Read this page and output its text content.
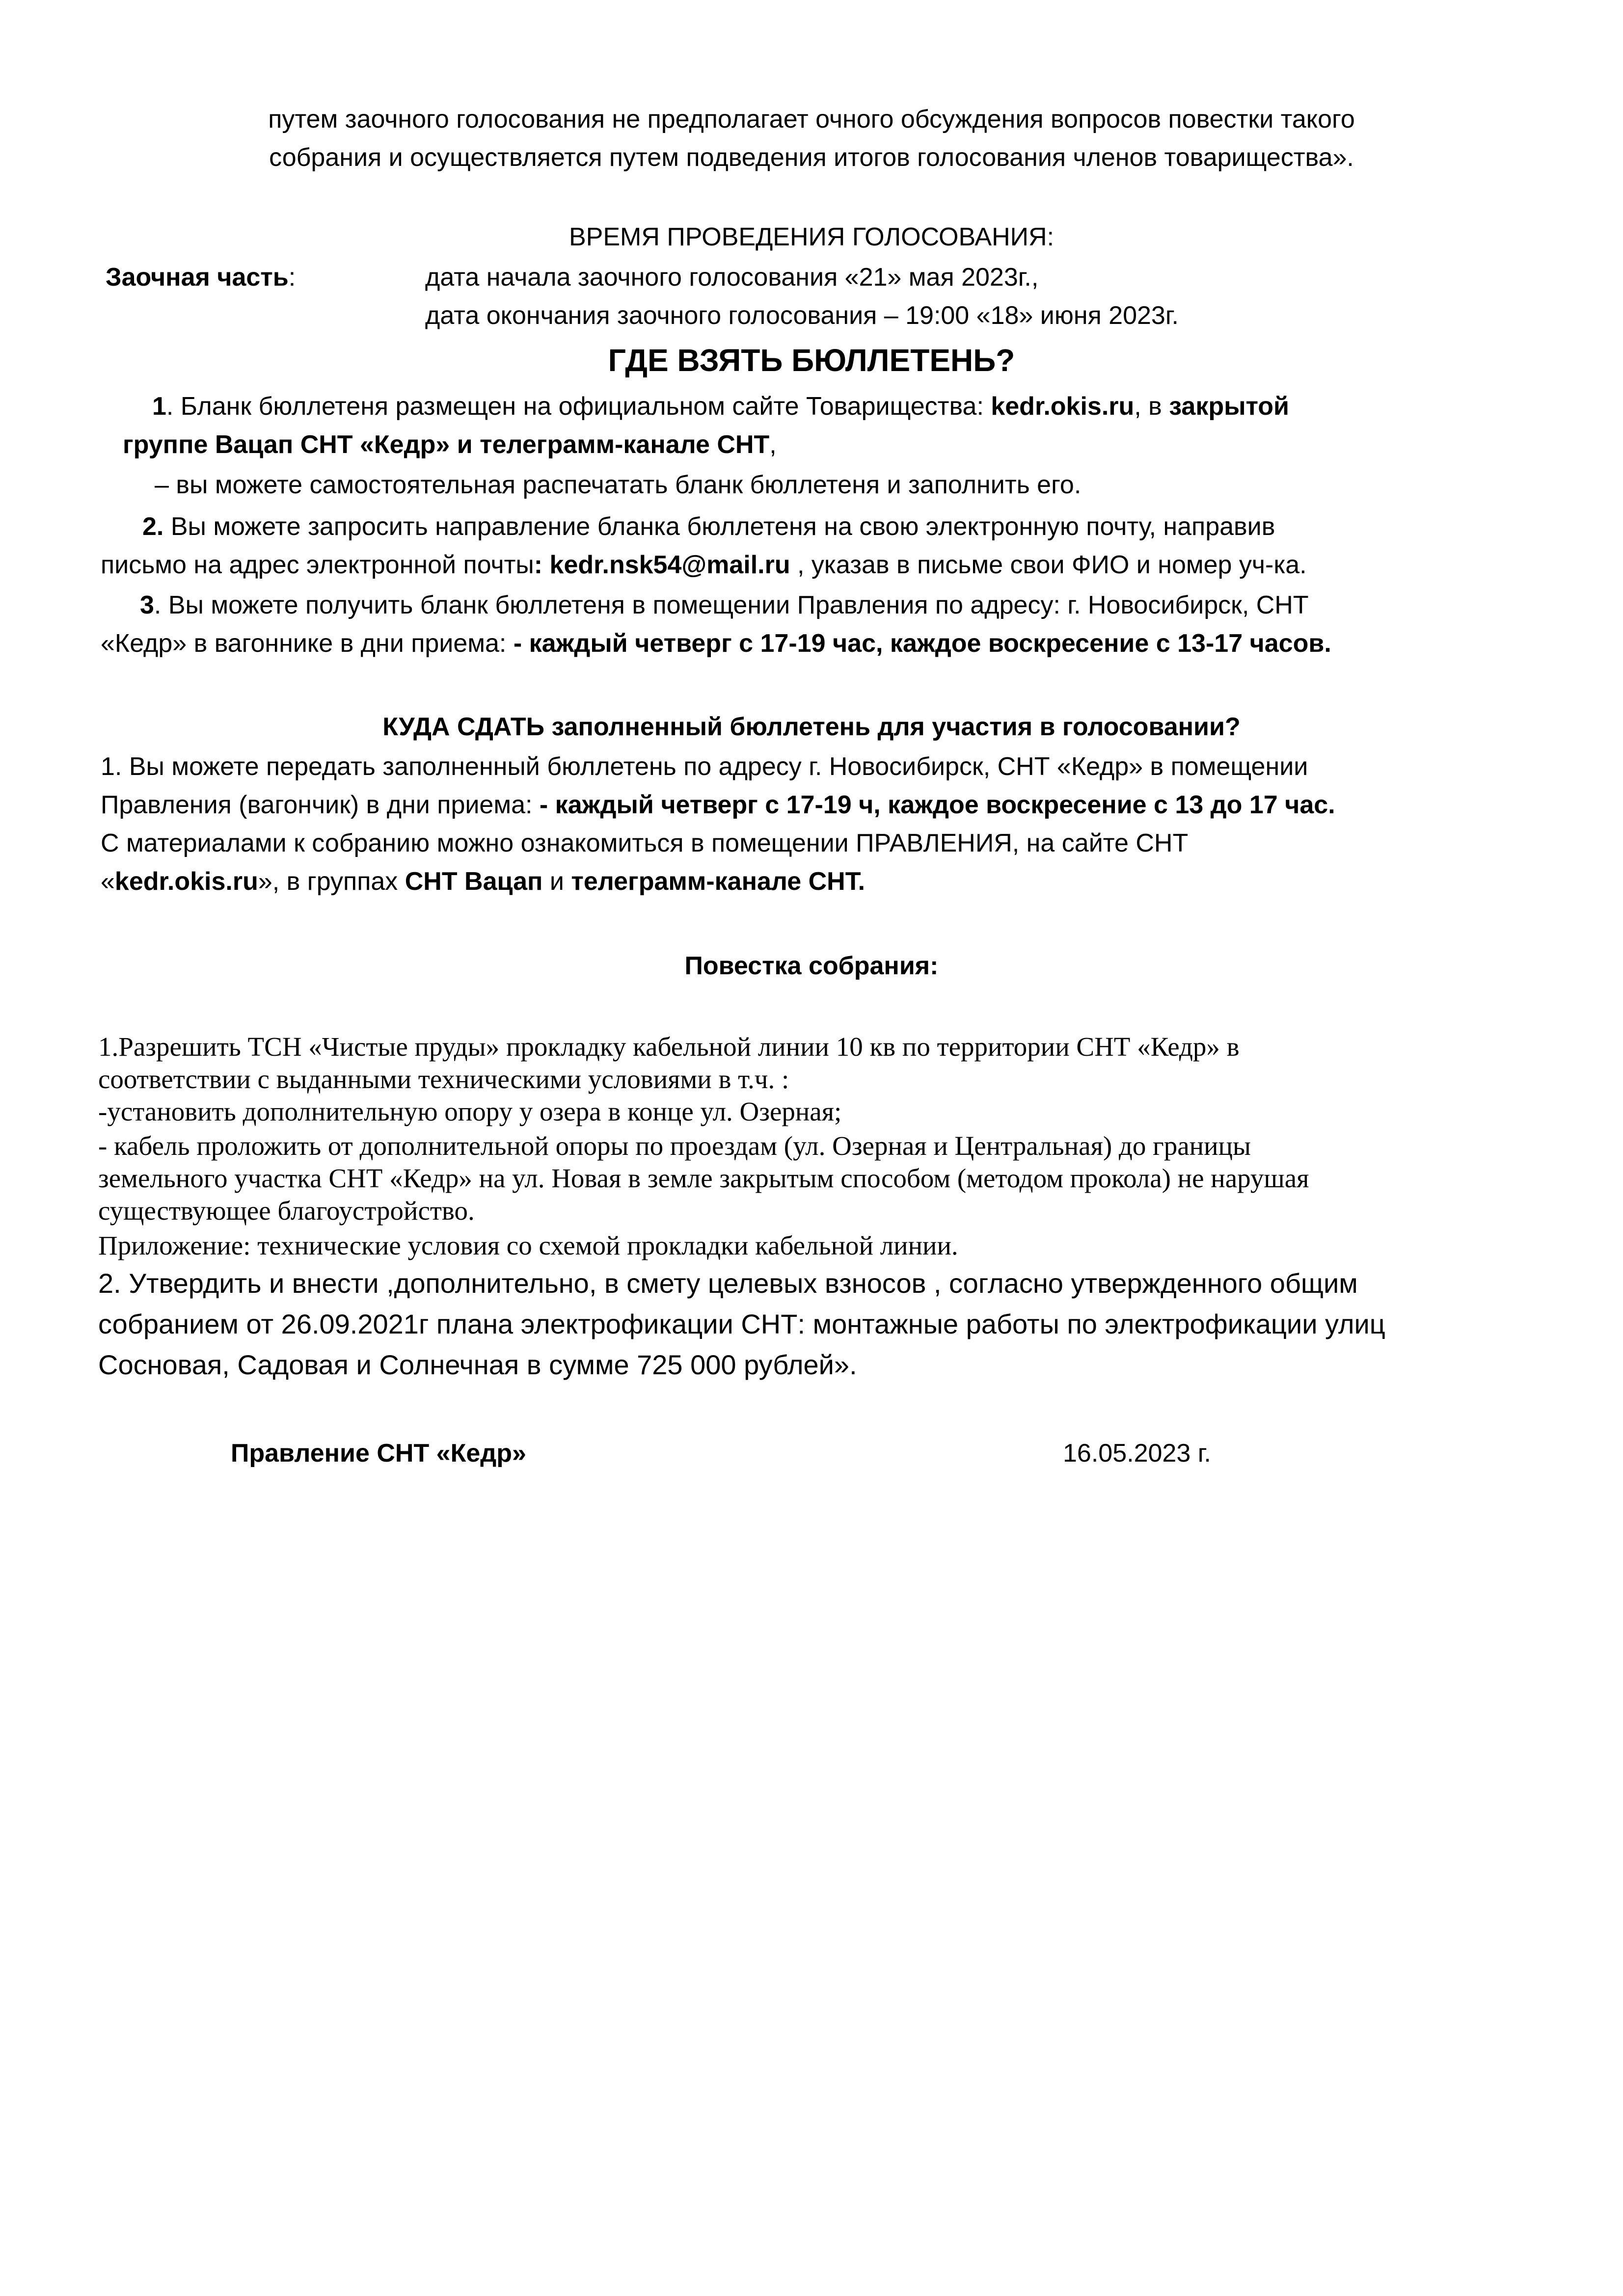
путем заочного голосования не предполагает очного обсуждения вопросов повестки такого
собрания и осуществляется путем подведения итогов голосования членов товарищества».
ВРЕМЯ ПРОВЕДЕНИЯ ГОЛОСОВАНИЯ:
Заочная часть:	дата начала заочного голосования «21» мая 2023г.,
дата окончания заочного голосования – 19:00 «18» июня 2023г.
ГДЕ ВЗЯТЬ БЮЛЛЕТЕНЬ?
1. Бланк бюллетеня размещен на официальном сайте Товарищества: kedr.okis.ru, в закрытой
группе Вацап СНТ «Кедр» и телеграмм-канале СНТ,
– вы можете самостоятельная распечатать бланк бюллетеня и заполнить его.
2. Вы можете запросить направление бланка бюллетеня на свою электронную почту, направив
письмо на адрес электронной почты: kedr.nsk54@mail.ru , указав в письме свои ФИО и номер уч-ка.
3. Вы можете получить бланк бюллетеня в помещении Правления по адресу: г. Новосибирск, СНТ
«Кедр» в вагоннике в дни приема: - каждый четверг с 17-19 час, каждое воскресение с 13-17 часов.
КУДА СДАТЬ заполненный бюллетень для участия в голосовании?
1. Вы можете передать заполненный бюллетень по адресу г. Новосибирск, СНТ «Кедр» в помещении
Правления (вагончик) в дни приема: - каждый четверг с 17-19 ч, каждое воскресение с 13 до 17 час.
С материалами к собранию можно ознакомиться в помещении ПРАВЛЕНИЯ, на сайте СНТ
«kedr.okis.ru», в группах СНТ Вацап и телеграмм-канале СНТ.
Повестка собрания:
1.Разрешить ТСН «Чистые пруды» прокладку кабельной линии 10 кв по территории СНТ «Кедр» в
соответствии с выданными техническими условиями в т.ч. :
-установить дополнительную опору у озера в конце ул. Озерная;
- кабель проложить от дополнительной опоры по проездам (ул. Озерная и Центральная) до границы
земельного участка СНТ «Кедр» на ул. Новая в земле закрытым способом (методом прокола) не нарушая
существующее благоустройство.
Приложение: технические условия со схемой прокладки кабельной линии.
2. Утвердить и внести ,дополнительно, в смету целевых взносов , согласно утвержденного общим
собранием от 26.09.2021г плана электрофикации СНТ: монтажные работы по электрофикации улиц
Сосновая, Садовая и Солнечная в сумме 725 000 рублей».
Правление СНТ «Кедр»	16.05.2023 г.
